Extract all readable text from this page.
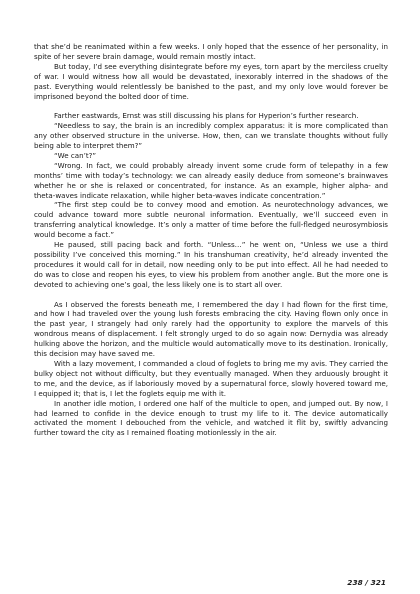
that she’d be reanimated within a few weeks. I only hoped that the essence of her personality, in spite of her severe brain damage, would remain mostly intact.

But today, I’d see everything disintegrate before my eyes, torn apart by the merciless cruelty of war. I would witness how all would be devastated, inexorably interred in the shadows of the past. Everything would relentlessly be banished to the past, and my only love would forever be imprisoned beyond the bolted door of time.

Farther eastwards, Ernst was still discussing his plans for Hyperion’s further research.

“Needless to say, the brain is an incredibly complex apparatus: it is more complicated than any other observed structure in the universe. How, then, can we translate thoughts without fully being able to interpret them?”

“We can’t?”

“Wrong. In fact, we could probably already invent some crude form of telepathy in a few months’ time with today’s technology: we can already easily deduce from someone’s brainwaves whether he or she is relaxed or concentrated, for instance. As an example, higher alpha- and theta-waves indicate relaxation, while higher beta-waves indicate concentration.”

“The first step could be to convey mood and emotion. As neurotechnology advances, we could advance toward more subtle neuronal information. Eventually, we’ll succeed even in transferring analytical knowledge. It’s only a matter of time before the full-fledged neurosymbiosis would become a fact.”

He paused, still pacing back and forth. “Unless…” he went on, “Unless we use a third possibility I’ve conceived this morning.” In his transhuman creativity, he’d already invented the procedures it would call for in detail, now needing only to be put into effect. All he had needed to do was to close and reopen his eyes, to view his problem from another angle. But the more one is devoted to achieving one’s goal, the less likely one is to start all over.

As I observed the forests beneath me, I remembered the day I had flown for the first time, and how I had traveled over the young lush forests embracing the city. Having flown only once in the past year, I strangely had only rarely had the opportunity to explore the marvels of this wondrous means of displacement. I felt strongly urged to do so again now: Dernydia was already hulking above the horizon, and the multicle would automatically move to its destination. Ironically, this decision may have saved me.

With a lazy movement, I commanded a cloud of foglets to bring me my avis. They carried the bulky object not without difficulty, but they eventually managed. When they arduously brought it to me, and the device, as if laboriously moved by a supernatural force, slowly hovered toward me, I equipped it; that is, I let the foglets equip me with it.

In another idle motion, I ordered one half of the multicle to open, and jumped out. By now, I had learned to confide in the device enough to trust my life to it. The device automatically activated the moment I debouched from the vehicle, and watched it flit by, swiftly advancing further toward the city as I remained floating motionlessly in the air.

238 / 321
